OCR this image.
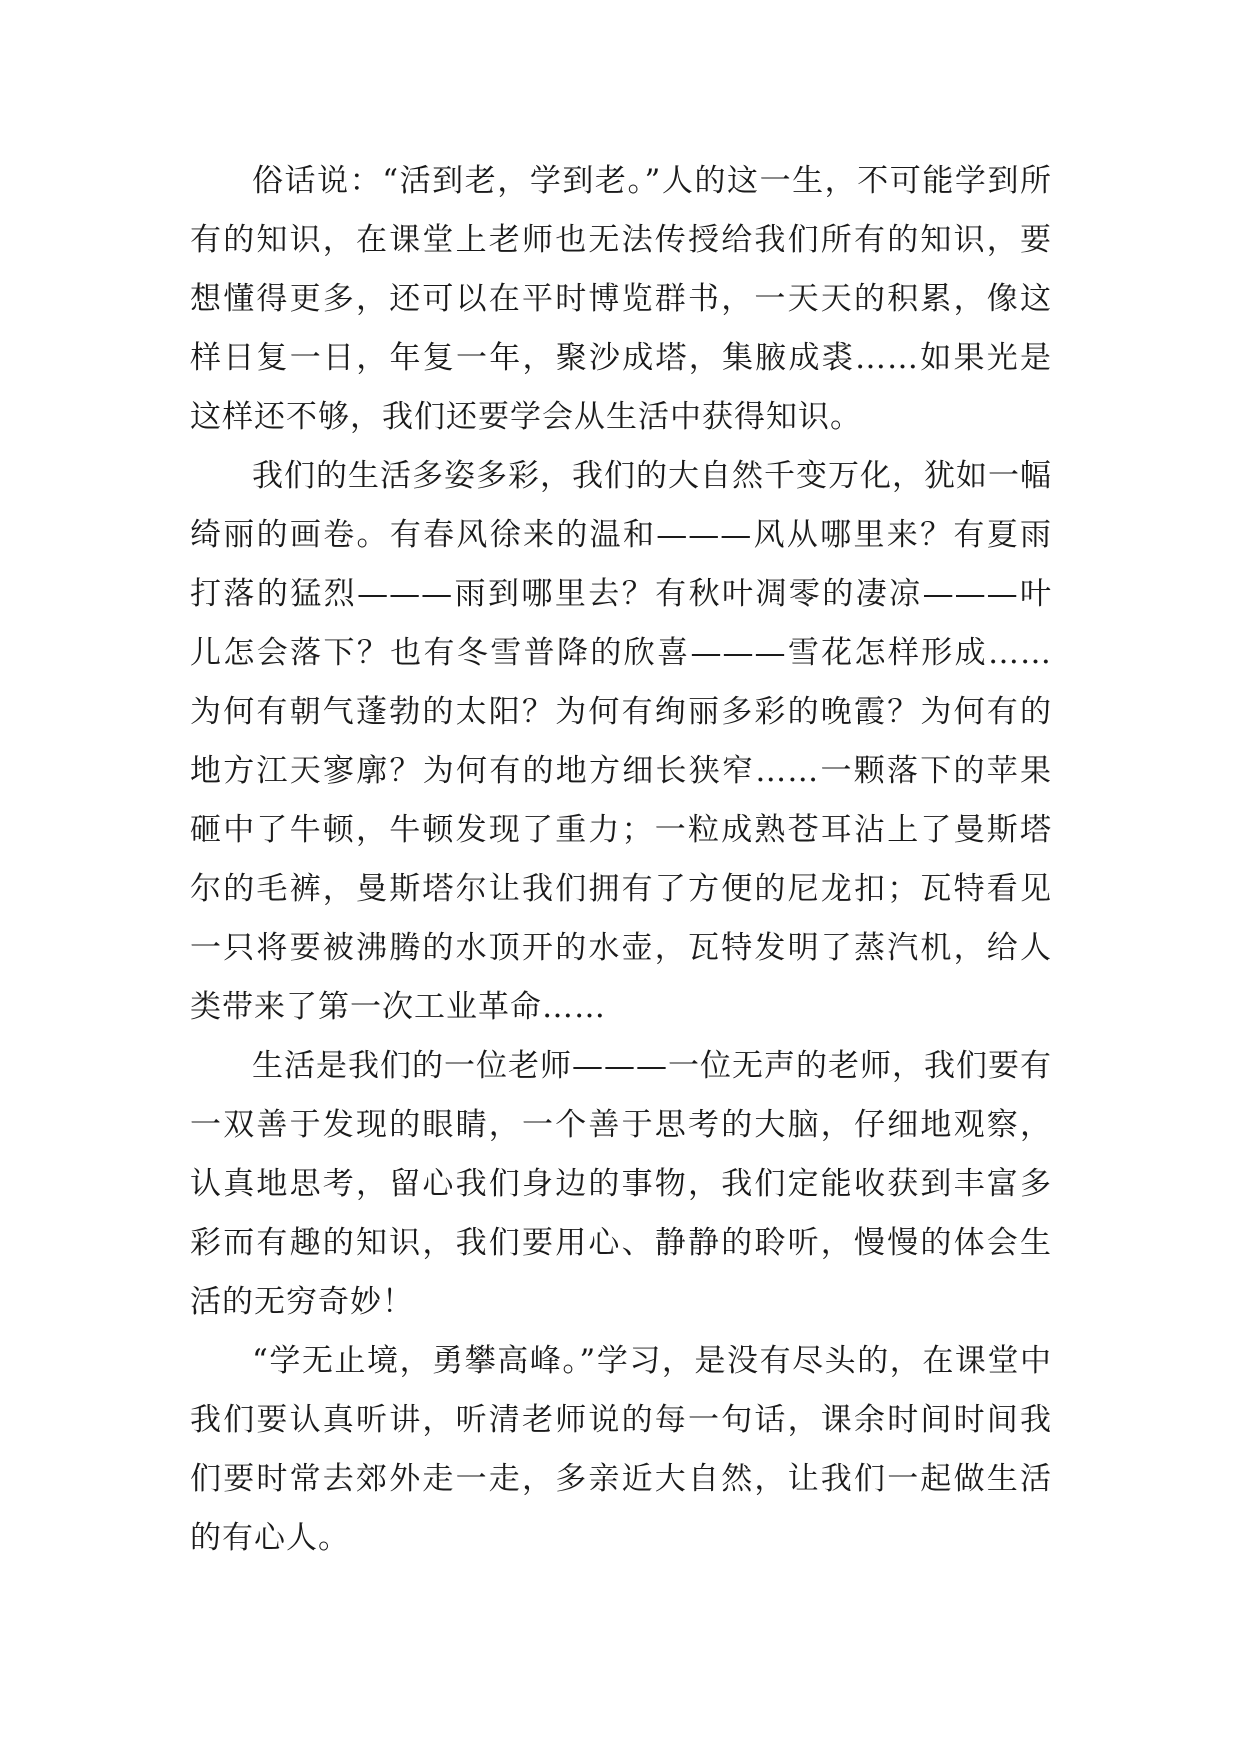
俗话说：“活到老，学到老。”人的这一生，不可能学到所有的知识，在课堂上老师也无法传授给我们所有的知识，要想懂得更多，还可以在平时博览群书，一天天的积累，像这样日复一日，年复一年，聚沙成塔，集腋成裘……如果光是这样还不够，我们还要学会从生活中获得知识。

我们的生活多姿多彩，我们的大自然千变万化，犹如一幅绮丽的画卷。有春风徐来的温和———风从哪里来？有夏雨打落的猛烈———雨到哪里去？有秋叶凋零的凄凉———叶儿怎会落下？也有冬雪普降的欣喜———雪花怎样形成……为何有朝气蓬勃的太阳？为何有绚丽多彩的晚霞？为何有的地方江天寥廓？为何有的地方细长狭窄……一颗落下的苹果砸中了牛顿，牛顿发现了重力；一粒成熟苍耳沾上了曼斯塔尔的毛裤，曼斯塔尔让我们拥有了方便的尼龙扣；瓦特看见一只将要被沸腾的水顶开的水壶，瓦特发明了蒸汽机，给人类带来了第一次工业革命……

生活是我们的一位老师———一位无声的老师，我们要有一双善于发现的眼睛，一个善于思考的大脑，仔细地观察，认真地思考，留心我们身边的事物，我们定能收获到丰富多彩而有趣的知识，我们要用心、静静的聆听，慢慢的体会生活的无穷奇妙！

“学无止境，勇攀高峰。”学习，是没有尽头的，在课堂中我们要认真听讲，听清老师说的每一句话，课余时间时间我们要时常去郊外走一走，多亲近大自然，让我们一起做生活的有心人。
